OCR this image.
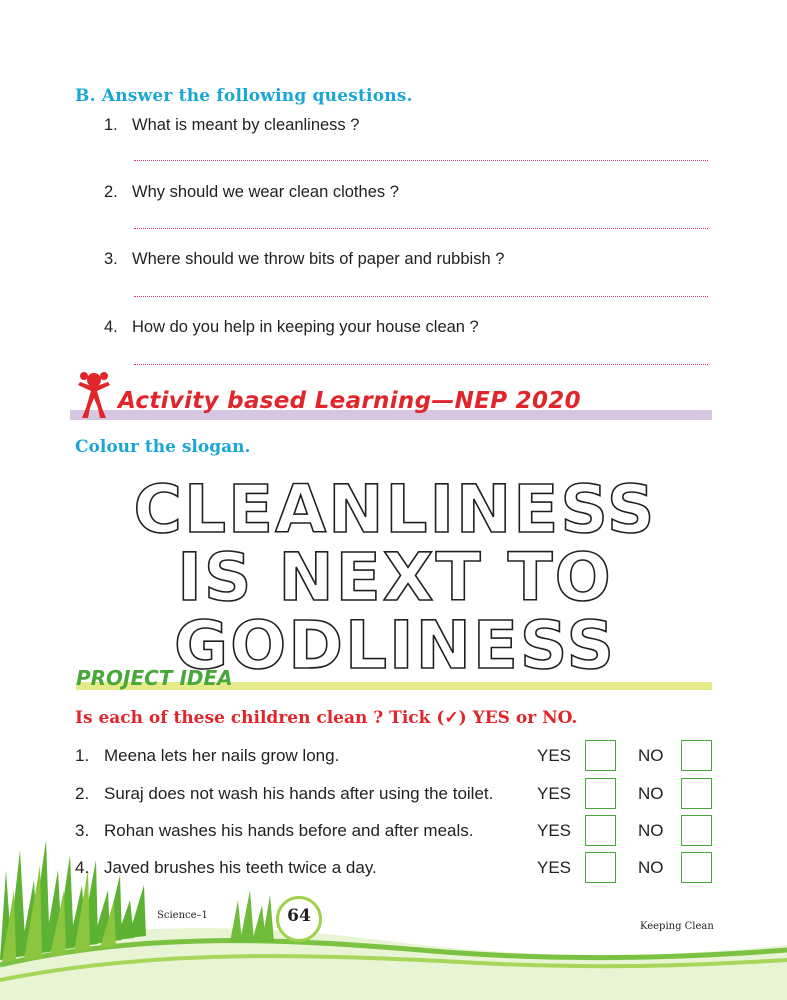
B. Answer the following questions.
1. What is meant by cleanliness ?
2. Why should we wear clean clothes ?
3. Where should we throw bits of paper and rubbish ?
4. How do you help in keeping your house clean ?
Activity based Learning—NEP 2020
Colour the slogan.
CLEANLINESS
IS NEXT TO
GODLINESS
PROJECT IDEA
Is each of these children clean ? Tick (✓) YES or NO.
1. Meena lets her nails grow long.	YES	NO
2. Suraj does not wash his hands after using the toilet.	YES	NO
3. Rohan washes his hands before and after meals.	YES	NO
Science–1	64
Keeping Clean
4. Javed brushes his teeth twice a day.	YES	NO
